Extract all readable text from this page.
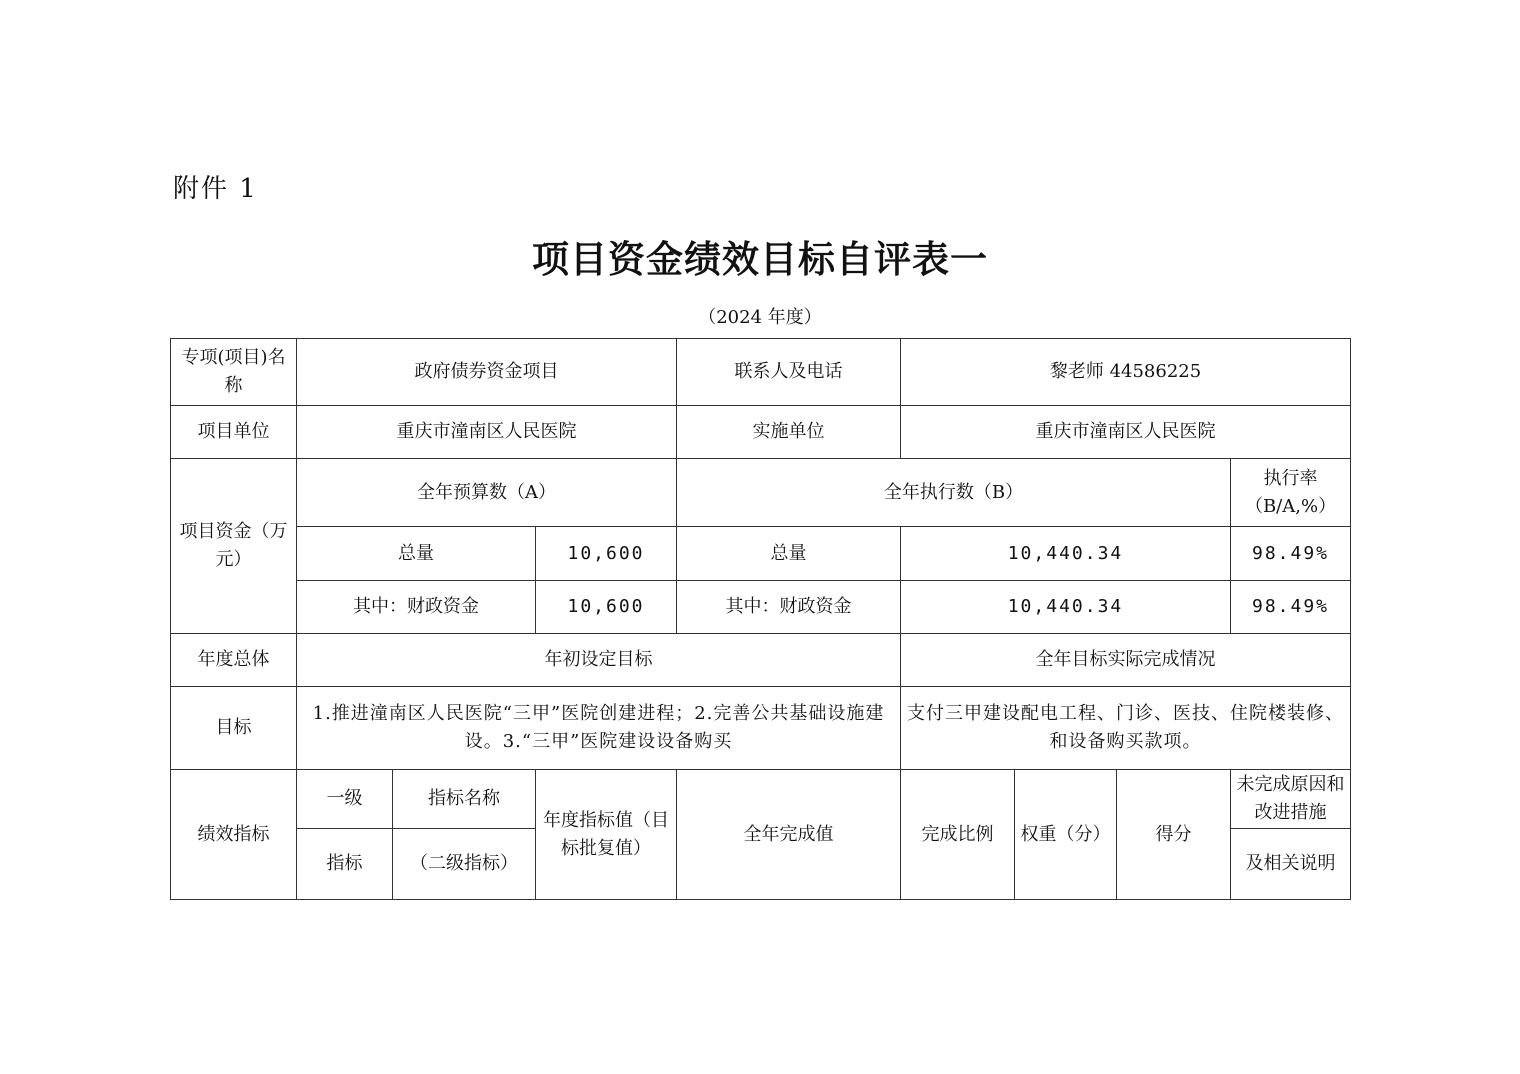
附件 1
项目资金绩效目标自评表一
（2024 年度）
专项(项目)名称	政府债券资金项目			联系人及电话	黎老师 44586225			
项目单位	重庆市潼南区人民医院			实施单位	重庆市潼南区人民医院			
项目资金（万元）	全年预算数（A）			全年执行数（B）				执行率（B/A,%）
	总量		10,600	总量	10,440.34			98.49%
	其中：财政资金		10,600	其中：财政资金	10,440.34			98.49%
年度总体	年初设定目标				全年目标实际完成情况			
目标	1.推进潼南区人民医院“三甲”医院创建进程；2.完善公共基础设施建设。3.“三甲”医院建设设备购买				支付三甲建设配电工程、门诊、医技、住院楼装修、和设备购买款项。			
绩效指标	一级	指标名称	年度指标值（目标批复值）	全年完成值	完成比例	权重（分）	得分	未完成原因和改进措施
	指标	（二级指标）						及相关说明
